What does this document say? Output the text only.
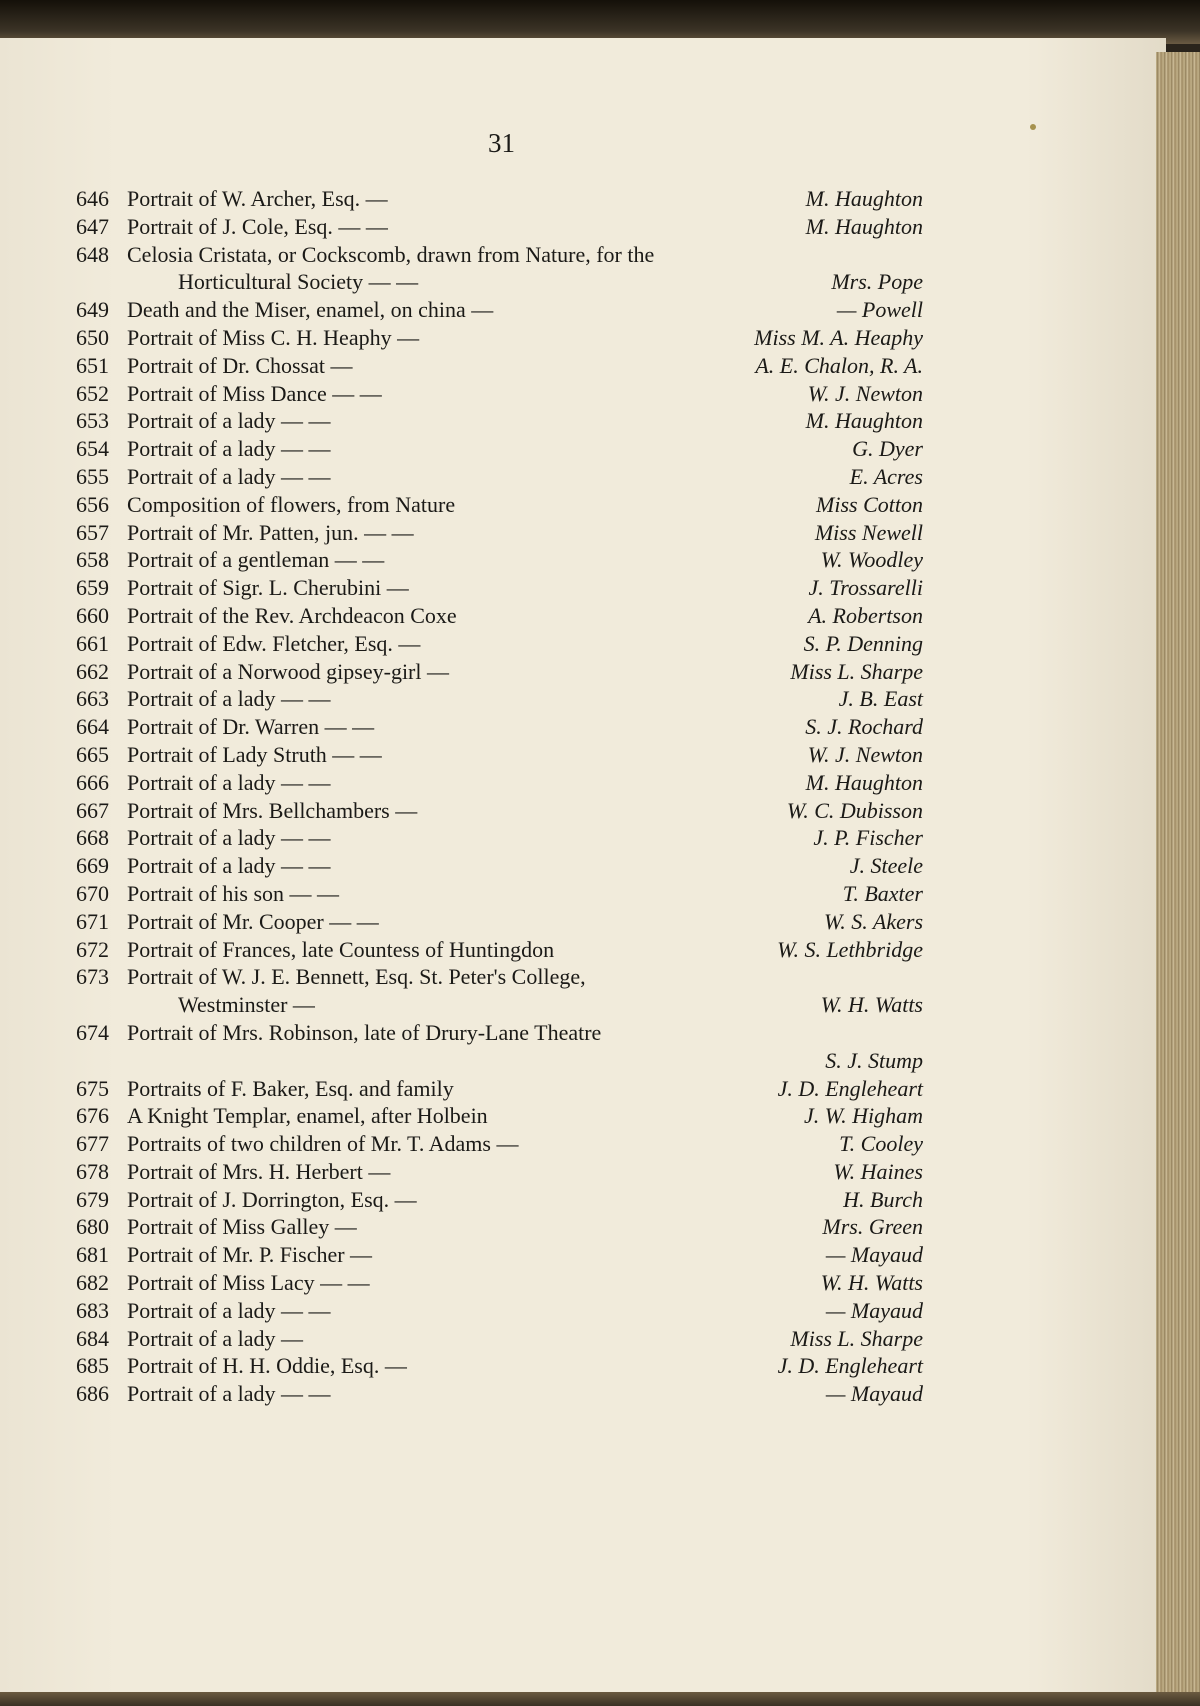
31
646 Portrait of W. Archer, Esq. —	M. Haughton
647 Portrait of J. Cole, Esq. — —	M. Haughton
648 Celosia Cristata, or Cockscomb, drawn from Nature, for the
Horticultural Society — —	Mrs. Pope
649 Death and the Miser, enamel, on china —	— Powell
650 Portrait of Miss C. H. Heaphy —	Miss M. A. Heaphy
651 Portrait of Dr. Chossat —	A. E. Chalon, R. A.
652 Portrait of Miss Dance — —	W. J. Newton
653 Portrait of a lady — —	M. Haughton
654 Portrait of a lady — —	G. Dyer
655 Portrait of a lady — —	E. Acres
656 Composition of flowers, from Nature	Miss Cotton
657 Portrait of Mr. Patten, jun. — —	Miss Newell
658 Portrait of a gentleman — —	W. Woodley
659 Portrait of Sigr. L. Cherubini —	J. Trossarelli
660 Portrait of the Rev. Archdeacon Coxe	A. Robertson
661 Portrait of Edw. Fletcher, Esq. —	S. P. Denning
662 Portrait of a Norwood gipsey-girl —	Miss L. Sharpe
663 Portrait of a lady — —	J. B. East
664 Portrait of Dr. Warren — —	S. J. Rochard
665 Portrait of Lady Struth — —	W. J. Newton
666 Portrait of a lady — —	M. Haughton
667 Portrait of Mrs. Bellchambers —	W. C. Dubisson
668 Portrait of a lady — —	J. P. Fischer
669 Portrait of a lady — —	J. Steele
670 Portrait of his son — —	T. Baxter
671 Portrait of Mr. Cooper — —	W. S. Akers
672 Portrait of Frances, late Countess of Huntingdon	W. S. Lethbridge
673 Portrait of W. J. E. Bennett, Esq. St. Peter's College,
Westminster —	W. H. Watts
674 Portrait of Mrs. Robinson, late of Drury-Lane Theatre
S. J. Stump
675 Portraits of F. Baker, Esq. and family	J. D. Engleheart
676 A Knight Templar, enamel, after Holbein	J. W. Higham
677 Portraits of two children of Mr. T. Adams —	T. Cooley
678 Portrait of Mrs. H. Herbert —	W. Haines
679 Portrait of J. Dorrington, Esq. —	H. Burch
680 Portrait of Miss Galley —	Mrs. Green
681 Portrait of Mr. P. Fischer —	— Mayaud
682 Portrait of Miss Lacy — —	W. H. Watts
683 Portrait of a lady — —	— Mayaud
684 Portrait of a lady —	Miss L. Sharpe
685 Portrait of H. H. Oddie, Esq. —	J. D. Engleheart
686 Portrait of a lady — —	— Mayaud
